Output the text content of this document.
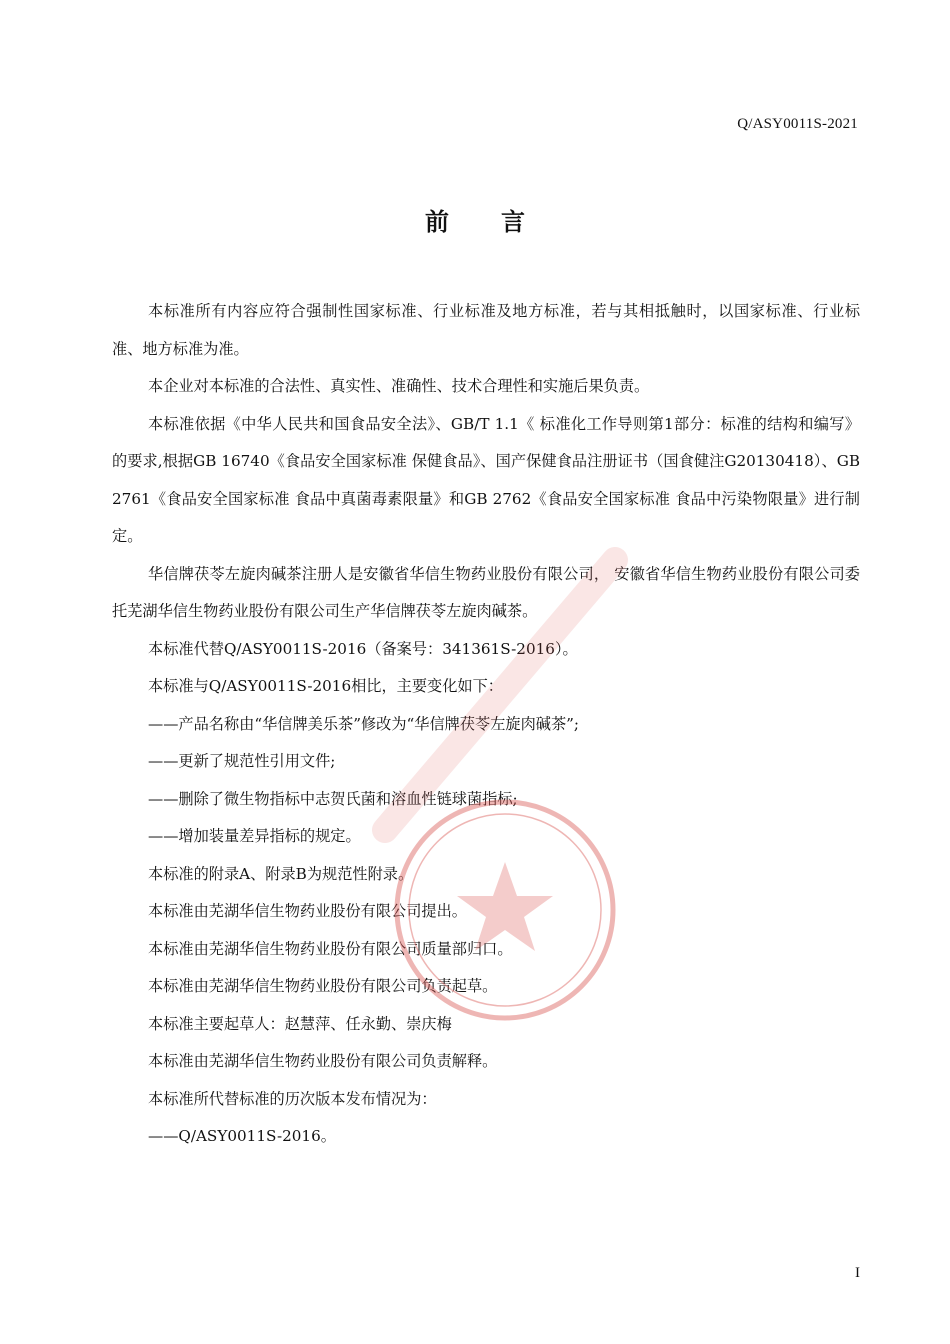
Q/ASY0011S-2021
前言

本标准所有内容应符合强制性国家标准、行业标准及地方标准，若与其相抵触时，以国家标准、行业标准、地方标准为准。

本企业对本标准的合法性、真实性、准确性、技术合理性和实施后果负责。

本标准依据《中华人民共和国食品安全法》、GB/T 1.1《 标准化工作导则第1部分：标准的结构和编写》的要求,根据GB 16740《食品安全国家标准 保健食品》、国产保健食品注册证书（国食健注G20130418）、GB 2761《食品安全国家标准 食品中真菌毒素限量》和GB 2762《食品安全国家标准 食品中污染物限量》进行制定。

华信牌茯苓左旋肉碱茶注册人是安徽省华信生物药业股份有限公司， 安徽省华信生物药业股份有限公司委托芜湖华信生物药业股份有限公司生产华信牌茯苓左旋肉碱茶。

本标准代替Q/ASY0011S-2016（备案号：341361S-2016）。

本标准与Q/ASY0011S-2016相比，主要变化如下：

——产品名称由“华信牌美乐茶”修改为“华信牌茯苓左旋肉碱茶”;

——更新了规范性引用文件;

——删除了微生物指标中志贺氏菌和溶血性链球菌指标;

——增加装量差异指标的规定。

本标准的附录A、附录B为规范性附录。

本标准由芜湖华信生物药业股份有限公司提出。

本标准由芜湖华信生物药业股份有限公司质量部归口。

本标准由芜湖华信生物药业股份有限公司负责起草。

本标准主要起草人：赵慧萍、任永勤、崇庆梅

本标准由芜湖华信生物药业股份有限公司负责解释。

本标准所代替标准的历次版本发布情况为：

——Q/ASY0011S-2016。

I
